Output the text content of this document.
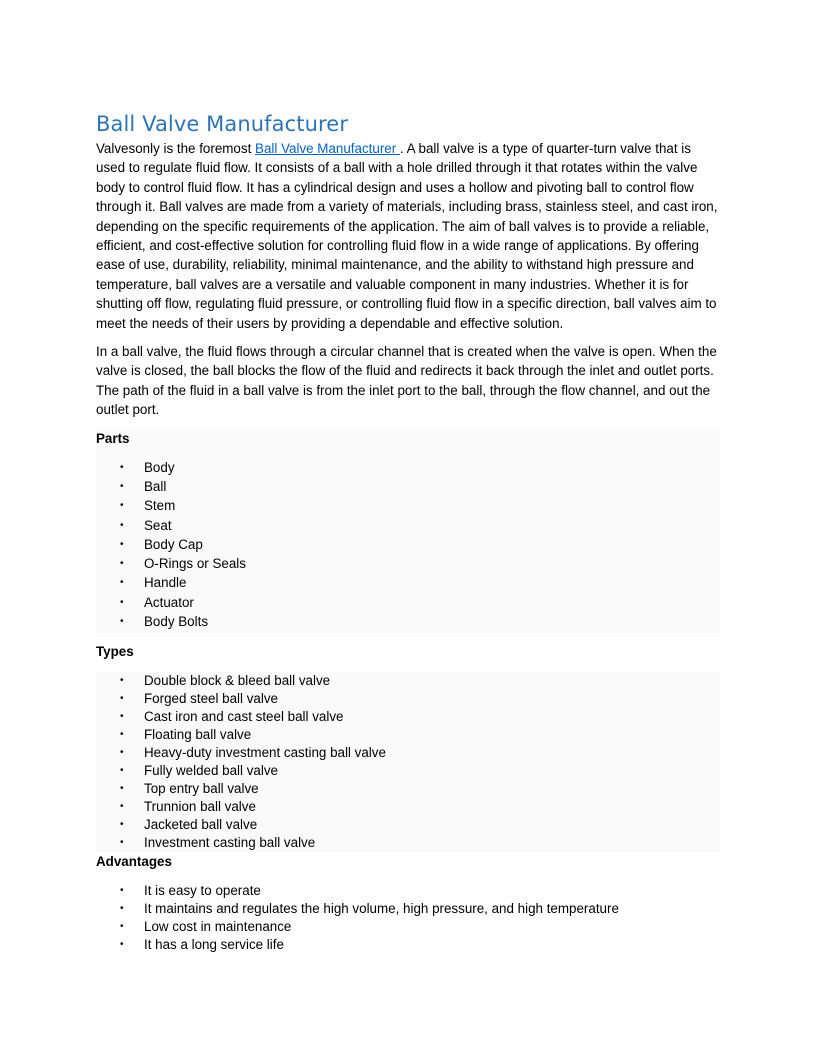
Ball Valve Manufacturer

Valvesonly is the foremost Ball Valve Manufacturer . A ball valve is a type of quarter-turn valve that is used to regulate fluid flow. It consists of a ball with a hole drilled through it that rotates within the valve body to control fluid flow. It has a cylindrical design and uses a hollow and pivoting ball to control flow through it. Ball valves are made from a variety of materials, including brass, stainless steel, and cast iron, depending on the specific requirements of the application. The aim of ball valves is to provide a reliable, efficient, and cost-effective solution for controlling fluid flow in a wide range of applications. By offering ease of use, durability, reliability, minimal maintenance, and the ability to withstand high pressure and temperature, ball valves are a versatile and valuable component in many industries. Whether it is for shutting off flow, regulating fluid pressure, or controlling fluid flow in a specific direction, ball valves aim to meet the needs of their users by providing a dependable and effective solution.

In a ball valve, the fluid flows through a circular channel that is created when the valve is open. When the valve is closed, the ball blocks the flow of the fluid and redirects it back through the inlet and outlet ports. The path of the fluid in a ball valve is from the inlet port to the ball, through the flow channel, and out the outlet port.

Parts

• Body
• Ball
• Stem
• Seat
• Body Cap
• O-Rings or Seals
• Handle
• Actuator
• Body Bolts

Types

• Double block & bleed ball valve
• Forged steel ball valve
• Cast iron and cast steel ball valve
• Floating ball valve
• Heavy-duty investment casting ball valve
• Fully welded ball valve
• Top entry ball valve
• Trunnion ball valve
• Jacketed ball valve
• Investment casting ball valve

Advantages

• It is easy to operate
• It maintains and regulates the high volume, high pressure, and high temperature
• Low cost in maintenance
• It has a long service life
